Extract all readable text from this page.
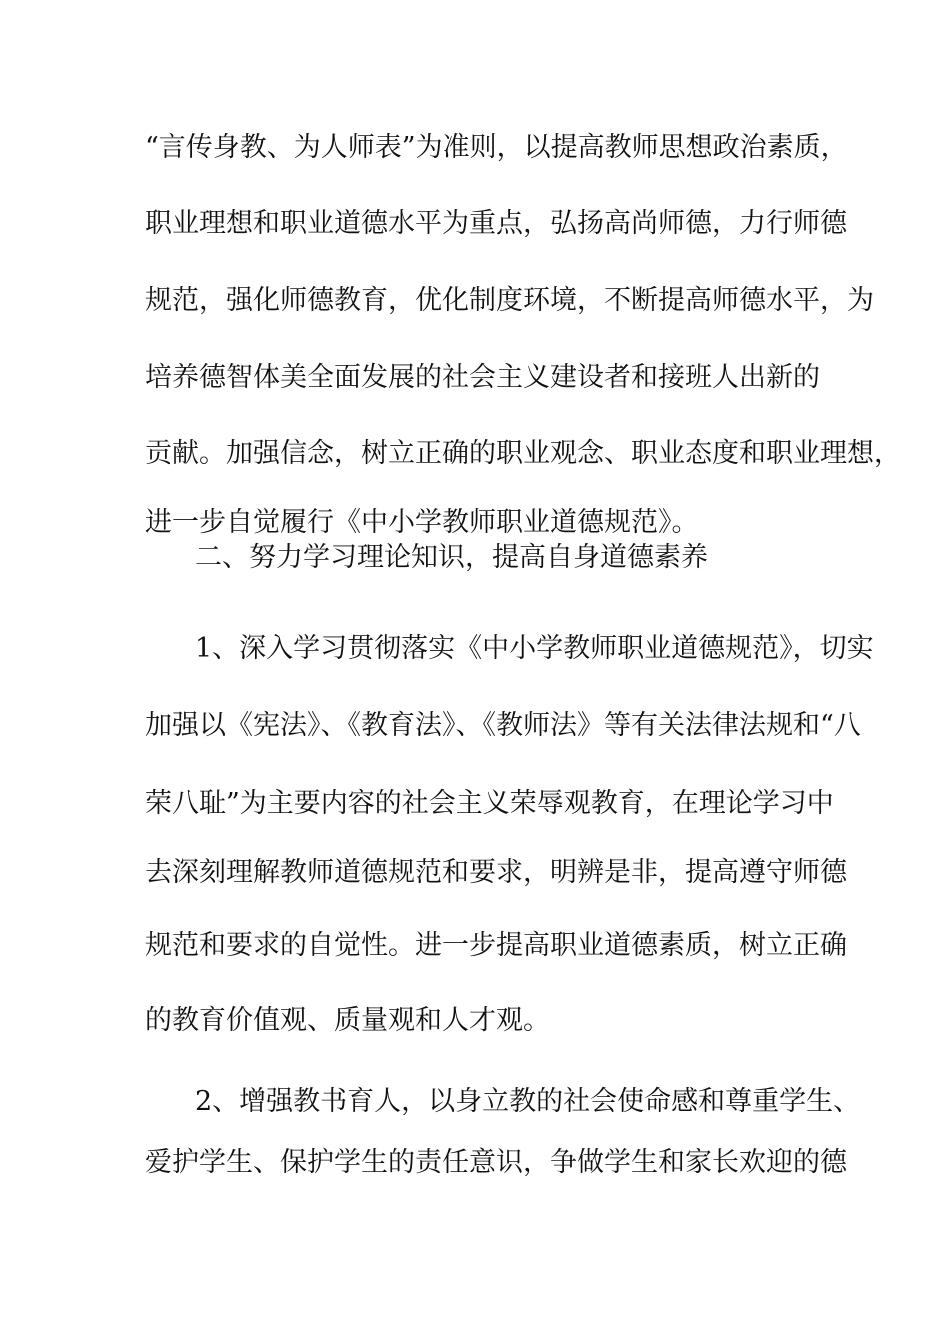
“言传身教、为人师表”为准则，以提高教师思想政治素质，
职业理想和职业道德水平为重点，弘扬高尚师德，力行师德
规范，强化师德教育，优化制度环境，不断提高师德水平，为
培养德智体美全面发展的社会主义建设者和接班人出新的
贡献。加强信念，树立正确的职业观念、职业态度和职业理想，
进一步自觉履行《中小学教师职业道德规范》。
二、努力学习理论知识，提高自身道德素养
1、深入学习贯彻落实《中小学教师职业道德规范》，切实
加强以《宪法》、《教育法》、《教师法》等有关法律法规和“八
荣八耻”为主要内容的社会主义荣辱观教育，在理论学习中
去深刻理解教师道德规范和要求，明辨是非，提高遵守师德
规范和要求的自觉性。进一步提高职业道德素质，树立正确
的教育价值观、质量观和人才观。
2、增强教书育人，以身立教的社会使命感和尊重学生、
爱护学生、保护学生的责任意识，争做学生和家长欢迎的德
